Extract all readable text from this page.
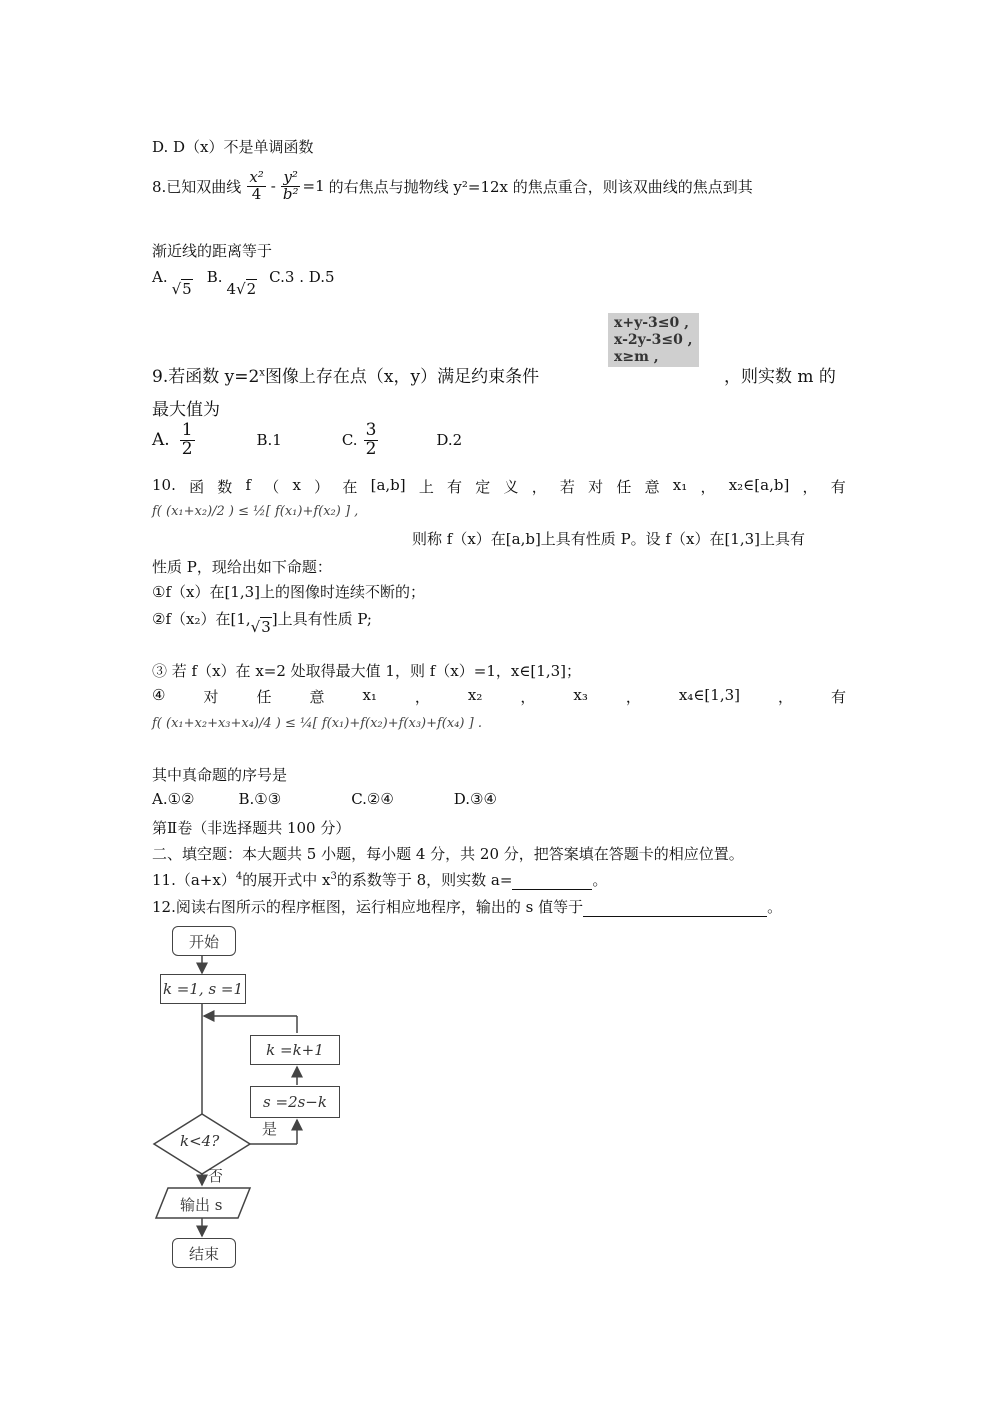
D. D（x）不是单调函数
8.已知双曲线 $\frac{\text{x²}}{4} - \frac{\text{y²}}{\text{b²}} =1$ 的右焦点与抛物线 y²=12x 的焦点重合，则该双曲线的焦点到其
渐近线的距离等于
A.
√5
B.
4√2
C.3 . D.5
x+y-3≤0 ,
x-2y-3≤0 ,
x≥m ,
9.若函数 $y=2^x$图像上存在点（x，y）满足约束条件	，则实数 m 的
最大值为
A. $\frac{1}{2}$	B.1	C. $\frac{3}{2}$	D.2
10. 函 数 f （ x ） 在 [a,b] 上 有 定 义 ， 若 对 任 意 x₁ ， x₂∈[a,b] ， 有
f( (x₁+x₂)/2 ) ≤ ½[ f(x₁)+f(x₂) ] ,
则称 f（x）在[a,b]上具有性质 P。设 f（x）在[1,3]上具有
性质 P，现给出如下命题：
①f（x）在[1,3]上的图像时连续不断的；
②f（x₂）在[1, √3 ]上具有性质 P;
③ 若 f（x）在 x=2 处取得最大值 1，则 f（x）=1，x∈[1,3]；
④	对	任	意	x₁	，	x₂	，	x₃	，	x₄∈[1,3]	，	有
f( (x₁+x₂+x₃+x₄)/4 ) ≤ ¼[ f(x₁)+f(x₂)+f(x₃)+f(x₄) ] .
其中真命题的序号是
A.①②	B.①③	C.②④	D.③④
第Ⅱ卷（非选择题共 100 分）
二、填空题：本大题共 5 小题，每小题 4 分，共 20 分，把答案填在答题卡的相应位置。
$11.(a+x)^4$的展开式中 $x^3$的系数等于 8，则实数 a=	。
12.阅读右图所示的程序框图，运行相应地程序，输出的 s 值等于	。
开始
k =1, s =1
k =k+1
s =2s−k
k<4?
是
否
输出 s
结束
